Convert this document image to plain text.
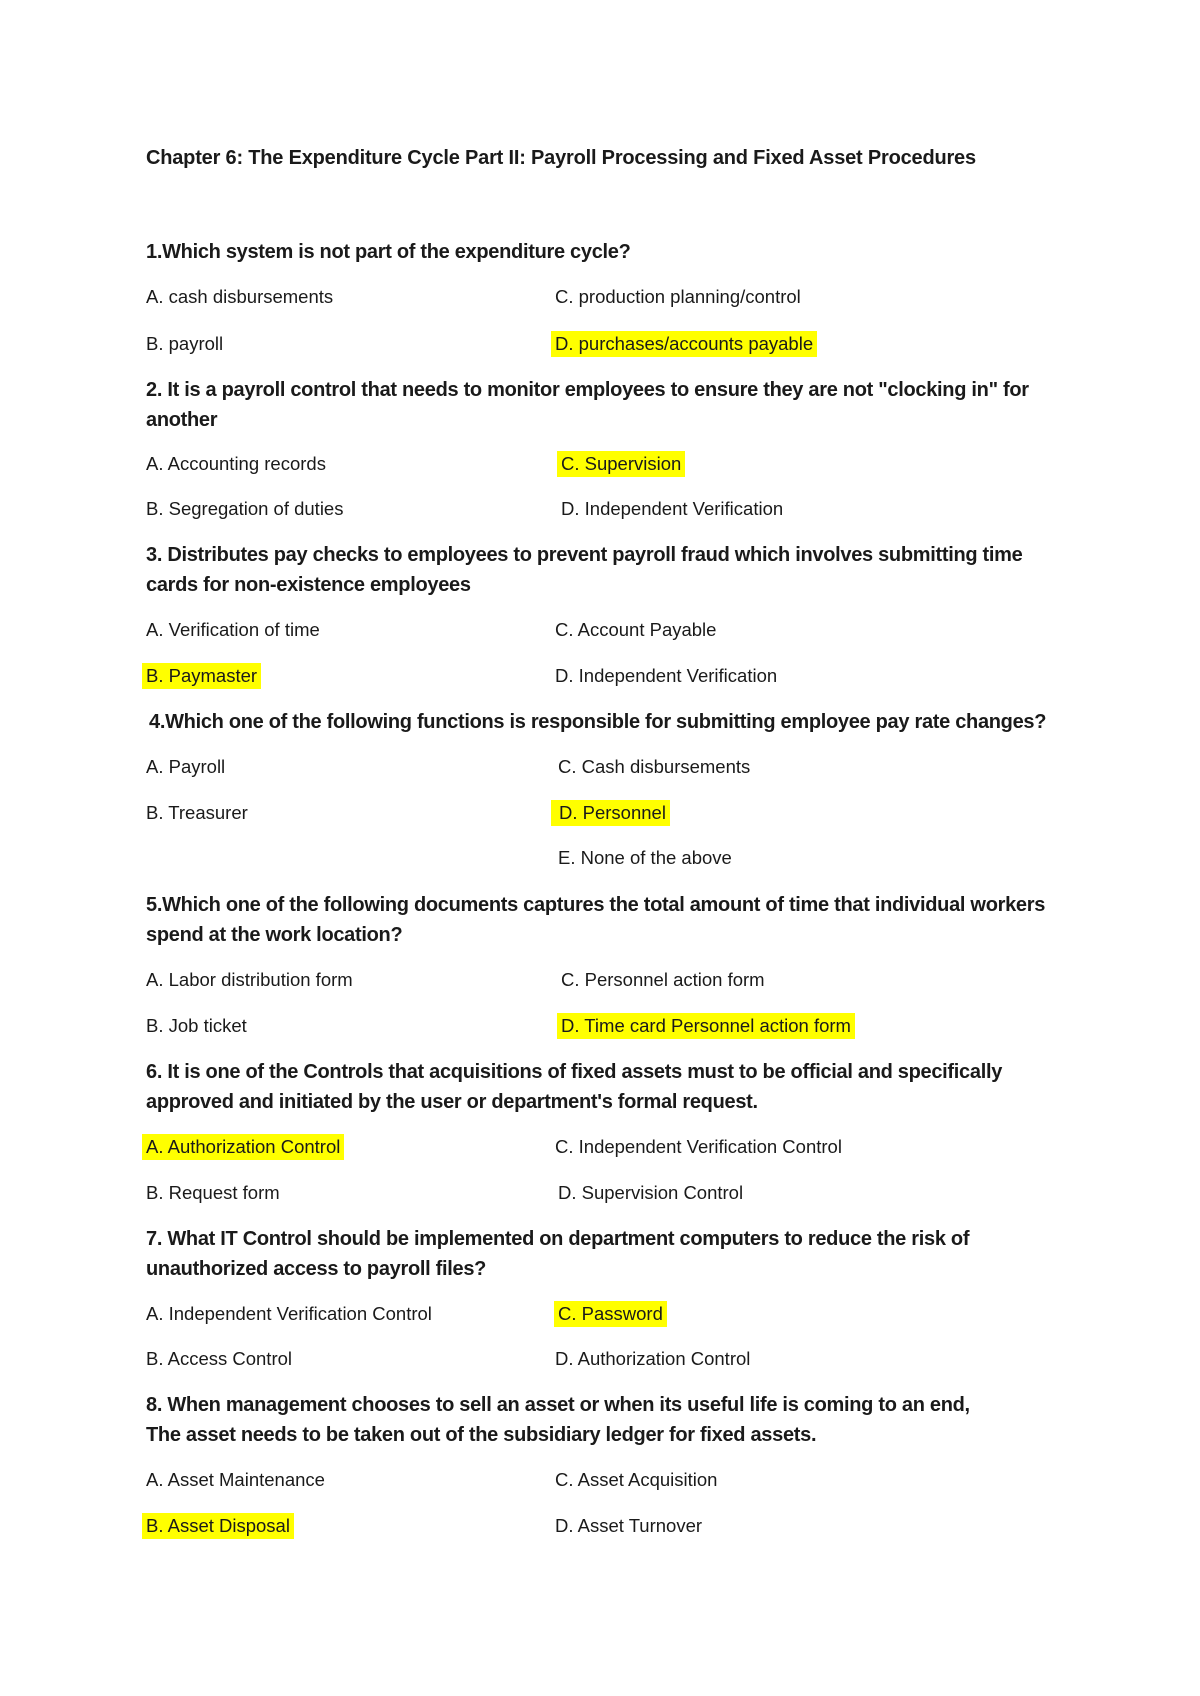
Chapter 6: The Expenditure Cycle Part II: Payroll Processing and Fixed Asset Procedures
1.Which system is not part of the expenditure cycle?
A. cash disbursements	C. production planning/control
B. payroll	D. purchases/accounts payable
2. It is a payroll control that needs to monitor employees to ensure they are not "clocking in" for another
A. Accounting records	C. Supervision
B. Segregation of duties	D. Independent Verification
3. Distributes pay checks to employees to prevent payroll fraud which involves submitting time cards for non-existence employees
A. Verification of time	C. Account Payable
B. Paymaster	D. Independent Verification
4.Which one of the following functions is responsible for submitting employee pay rate changes?
A. Payroll	C. Cash disbursements
B. Treasurer	D. Personnel
E. None of the above
5.Which one of the following documents captures the total amount of time that individual workers spend at the work location?
A. Labor distribution form	C. Personnel action form
B. Job ticket	D. Time card Personnel action form
6. It is one of the Controls that acquisitions of fixed assets must to be official and specifically approved and initiated by the user or department's formal request.
A. Authorization Control	C. Independent Verification Control
B. Request form	D. Supervision Control
7. What IT Control should be implemented on department computers to reduce the risk of unauthorized access to payroll files?
A. Independent Verification Control	C. Password
B. Access Control	D. Authorization Control
8. When management chooses to sell an asset or when its useful life is coming to an end,
The asset needs to be taken out of the subsidiary ledger for fixed assets.
A. Asset Maintenance	C. Asset Acquisition
B. Asset Disposal	D. Asset Turnover
